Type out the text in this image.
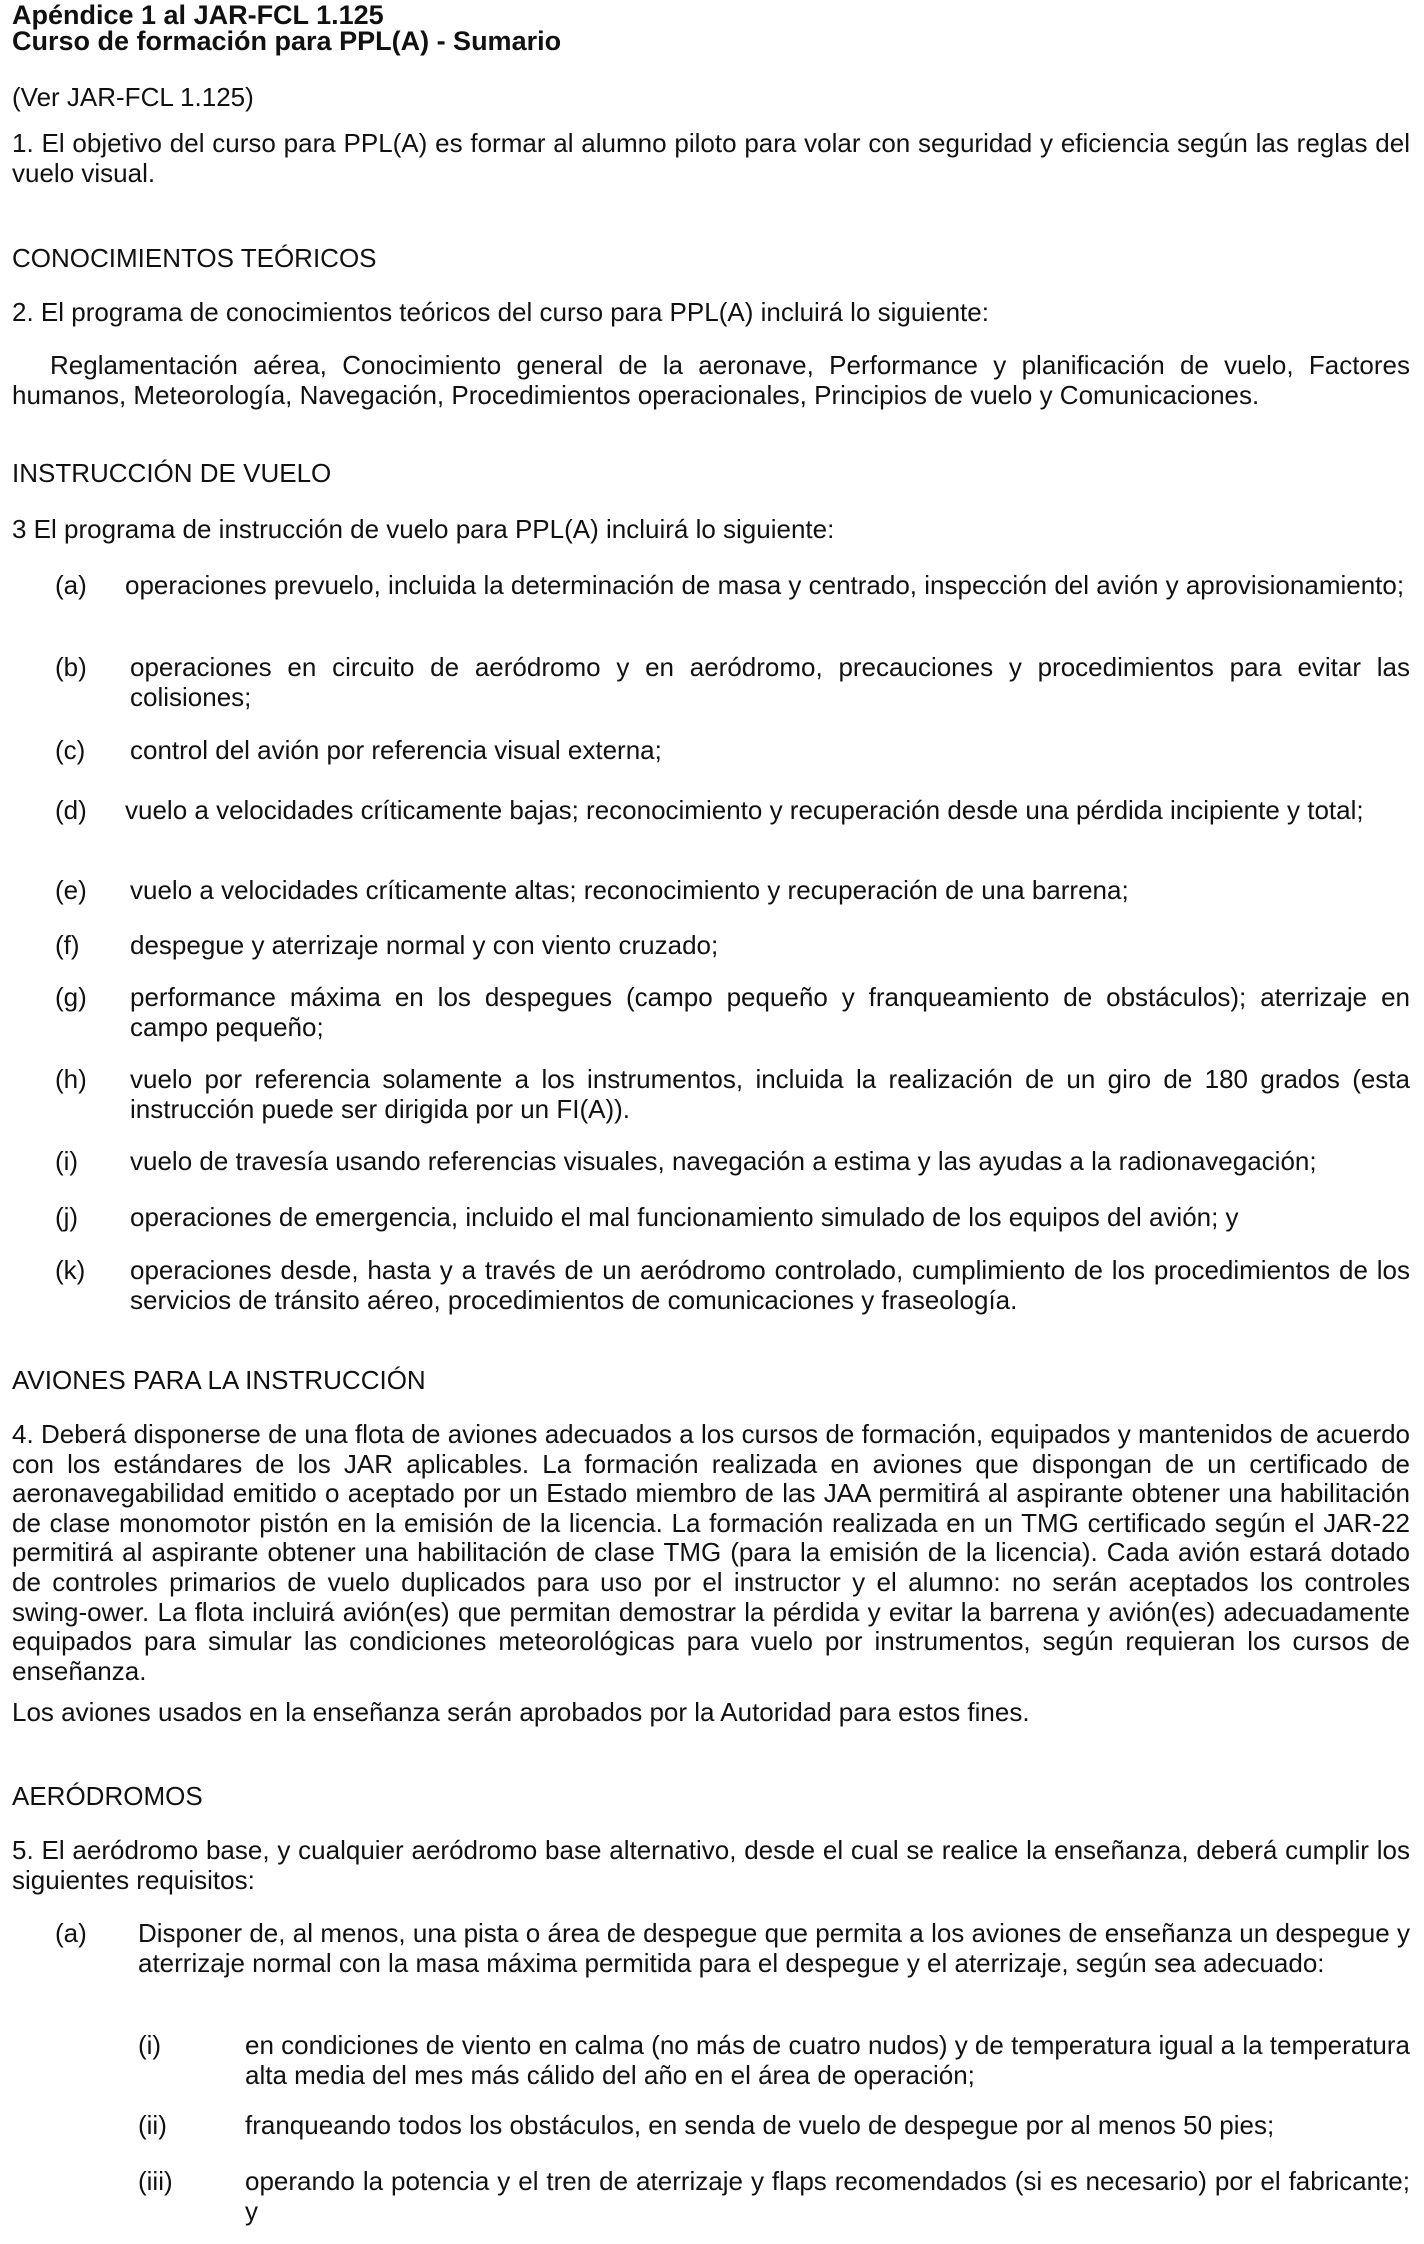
Apéndice 1 al JAR-FCL 1.125

Curso de formación para PPL(A) - Sumario

(Ver JAR-FCL 1.125)

1. El objetivo del curso para PPL(A) es formar al alumno piloto para volar con seguridad y eficiencia según las reglas del vuelo visual.

CONOCIMIENTOS TEÓRICOS

2. El programa de conocimientos teóricos del curso para PPL(A) incluirá lo siguiente:

Reglamentación aérea, Conocimiento general de la aeronave, Performance y planificación de vuelo, Factores humanos, Meteorología, Navegación, Procedimientos operacionales, Principios de vuelo y Comunicaciones.

INSTRUCCIÓN DE VUELO

3 El programa de instrucción de vuelo para PPL(A) incluirá lo siguiente:

(a)	operaciones prevuelo, incluida la determinación de masa y centrado, inspección del avión y aprovisionamiento;
(b) operaciones en circuito de aeródromo y en aeródromo, precauciones y procedimientos para evitar las colisiones;
(c) control del avión por referencia visual externa;
(d)	vuelo a velocidades críticamente bajas; reconocimiento y recuperación desde una pérdida incipiente y total;
(e) vuelo a velocidades críticamente altas; reconocimiento y recuperación de una barrena;
(f) despegue y aterrizaje normal y con viento cruzado;
(g) performance máxima en los despegues (campo pequeño y franqueamiento de obstáculos); aterrizaje en campo pequeño;
(h) vuelo por referencia solamente a los instrumentos, incluida la realización de un giro de 180 grados (esta instrucción puede ser dirigida por un FI(A)).
(i) vuelo de travesía usando referencias visuales, navegación a estima y las ayudas a la radionavegación;
(j) operaciones de emergencia, incluido el mal funcionamiento simulado de los equipos del avión; y
(k) operaciones desde, hasta y a través de un aeródromo controlado, cumplimiento de los procedimientos de los servicios de tránsito aéreo, procedimientos de comunicaciones y fraseología.

AVIONES PARA LA INSTRUCCIÓN

4. Deberá disponerse de una flota de aviones adecuados a los cursos de formación, equipados y mantenidos de acuerdo con los estándares de los JAR aplicables. La formación realizada en aviones que dispongan de un certificado de aeronavegabilidad emitido o aceptado por un Estado miembro de las JAA permitirá al aspirante obtener una habilitación de clase monomotor pistón en la emisión de la licencia. La formación realizada en un TMG certificado según el JAR-22 permitirá al aspirante obtener una habilitación de clase TMG (para la emisión de la licencia). Cada avión estará dotado de controles primarios de vuelo duplicados para uso por el instructor y el alumno: no serán aceptados los controles swing-ower. La flota incluirá avión(es) que permitan demostrar la pérdida y evitar la barrena y avión(es) adecuadamente equipados para simular las condiciones meteorológicas para vuelo por instrumentos, según requieran los cursos de enseñanza.

Los aviones usados en la enseñanza serán aprobados por la Autoridad para estos fines.

AERÓDROMOS

5. El aeródromo base, y cualquier aeródromo base alternativo, desde el cual se realice la enseñanza, deberá cumplir los siguientes requisitos:

(a) Disponer de, al menos, una pista o área de despegue que permita a los aviones de enseñanza un despegue y aterrizaje normal con la masa máxima permitida para el despegue y el aterrizaje, según sea adecuado:
(i)	en condiciones de viento en calma (no más de cuatro nudos) y de temperatura igual a la temperatura alta media del mes más cálido del año en el área de operación;
(ii)	franqueando todos los obstáculos, en senda de vuelo de despegue por al menos 50 pies;
(iii)	operando la potencia y el tren de aterrizaje y flaps recomendados (si es necesario) por el fabricante; y
